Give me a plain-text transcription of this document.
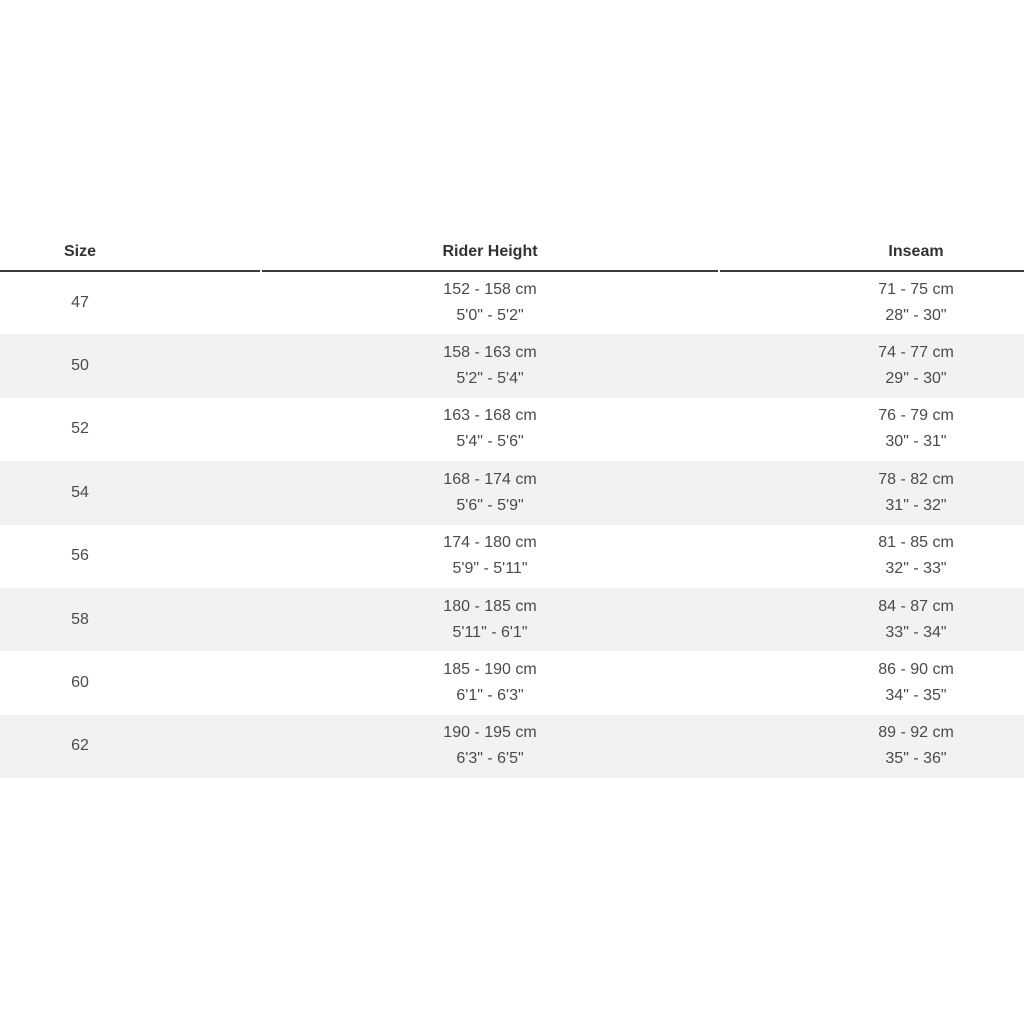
Size	Rider Height	Inseam
47
152 - 158 cm
5'0" - 5'2"
71 - 75 cm
28" - 30"
50
158 - 163 cm
5'2" - 5'4"
74 - 77 cm
29" - 30"
52
163 - 168 cm
5'4" - 5'6"
76 - 79 cm
30" - 31"
54
168 - 174 cm
5'6" - 5'9"
78 - 82 cm
31" - 32"
56
174 - 180 cm
5'9" - 5'11"
81 - 85 cm
32" - 33"
58
180 - 185 cm
5'11" - 6'1"
84 - 87 cm
33" - 34"
60
185 - 190 cm
6'1" - 6'3"
86 - 90 cm
34" - 35"
62
190 - 195 cm
6'3" - 6'5"
89 - 92 cm
35" - 36"
